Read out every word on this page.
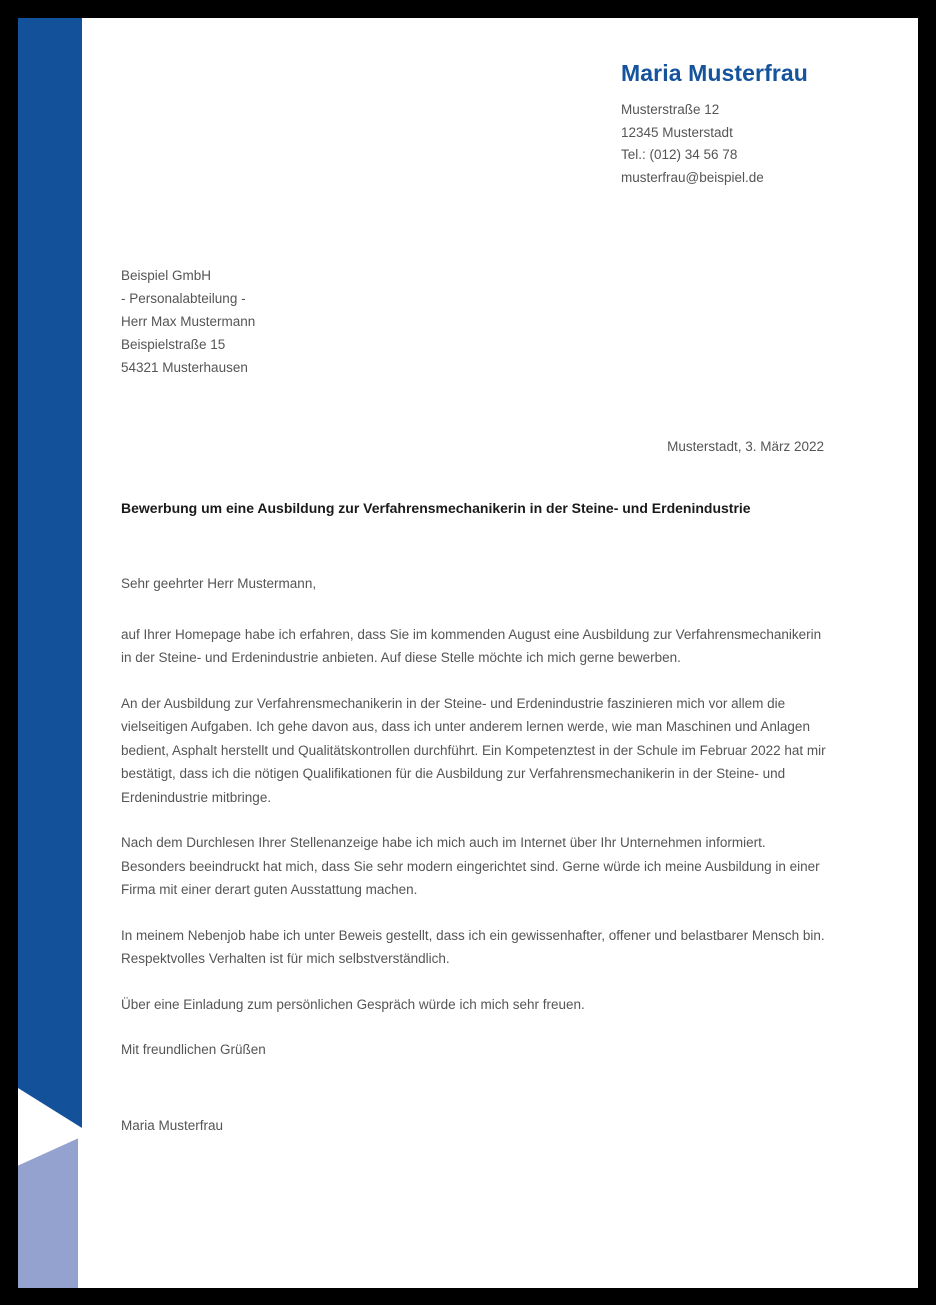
Maria Musterfrau
Musterstraße 12
12345 Musterstadt
Tel.: (012) 34 56 78
musterfrau@beispiel.de
Beispiel GmbH
- Personalabteilung -
Herr Max Mustermann
Beispielstraße 15
54321 Musterhausen
Musterstadt, 3. März 2022
Bewerbung um eine Ausbildung zur Verfahrensmechanikerin in der Steine- und Erdenindustrie

Sehr geehrter Herr Mustermann,

auf Ihrer Homepage habe ich erfahren, dass Sie im kommenden August eine Ausbildung zur Verfahrensmechanikerin in der Steine- und Erdenindustrie anbieten. Auf diese Stelle möchte ich mich gerne bewerben.

An der Ausbildung zur Verfahrensmechanikerin in der Steine- und Erdenindustrie faszinieren mich vor allem die vielseitigen Aufgaben. Ich gehe davon aus, dass ich unter anderem lernen werde, wie man Maschinen und Anlagen bedient, Asphalt herstellt und Qualitätskontrollen durchführt. Ein Kompetenztest in der Schule im Februar 2022 hat mir bestätigt, dass ich die nötigen Qualifikationen für die Ausbildung zur Verfahrensmechanikerin in der Steine- und Erdenindustrie mitbringe.

Nach dem Durchlesen Ihrer Stellenanzeige habe ich mich auch im Internet über Ihr Unternehmen informiert. Besonders beeindruckt hat mich, dass Sie sehr modern eingerichtet sind. Gerne würde ich meine Ausbildung in einer Firma mit einer derart guten Ausstattung machen.

In meinem Nebenjob habe ich unter Beweis gestellt, dass ich ein gewissenhafter, offener und belastbarer Mensch bin. Respektvolles Verhalten ist für mich selbstverständlich.

Über eine Einladung zum persönlichen Gespräch würde ich mich sehr freuen.

Mit freundlichen Grüßen

Maria Musterfrau
